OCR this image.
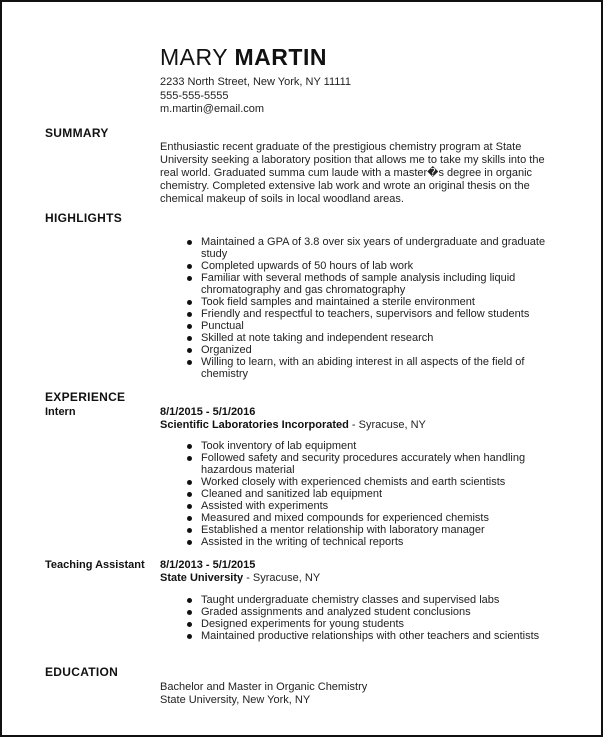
MARY MARTIN
2233 North Street, New York, NY 11111
555-555-5555
m.martin@email.com
SUMMARY
Enthusiastic recent graduate of the prestigious chemistry program at State University seeking a laboratory position that allows me to take my skills into the real world. Graduated summa cum laude with a master�s degree in organic chemistry. Completed extensive lab work and wrote an original thesis on the chemical makeup of soils in local woodland areas.
HIGHLIGHTS
Maintained a GPA of 3.8 over six years of undergraduate and graduate study
Completed upwards of 50 hours of lab work
Familiar with several methods of sample analysis including liquid chromatography and gas chromatography
Took field samples and maintained a sterile environment
Friendly and respectful to teachers, supervisors and fellow students
Punctual
Skilled at note taking and independent research
Organized
Willing to learn, with an abiding interest in all aspects of the field of chemistry
EXPERIENCE
Intern	8/1/2015 - 5/1/2016
Scientific Laboratories Incorporated - Syracuse, NY
Took inventory of lab equipment
Followed safety and security procedures accurately when handling hazardous material
Worked closely with experienced chemists and earth scientists
Cleaned and sanitized lab equipment
Assisted with experiments
Measured and mixed compounds for experienced chemists
Established a mentor relationship with laboratory manager
Assisted in the writing of technical reports
Teaching Assistant 8/1/2013 - 5/1/2015
State University - Syracuse, NY
Taught undergraduate chemistry classes and supervised labs
Graded assignments and analyzed student conclusions
Designed experiments for young students
Maintained productive relationships with other teachers and scientists
EDUCATION
Bachelor and Master in Organic Chemistry
State University, New York, NY
